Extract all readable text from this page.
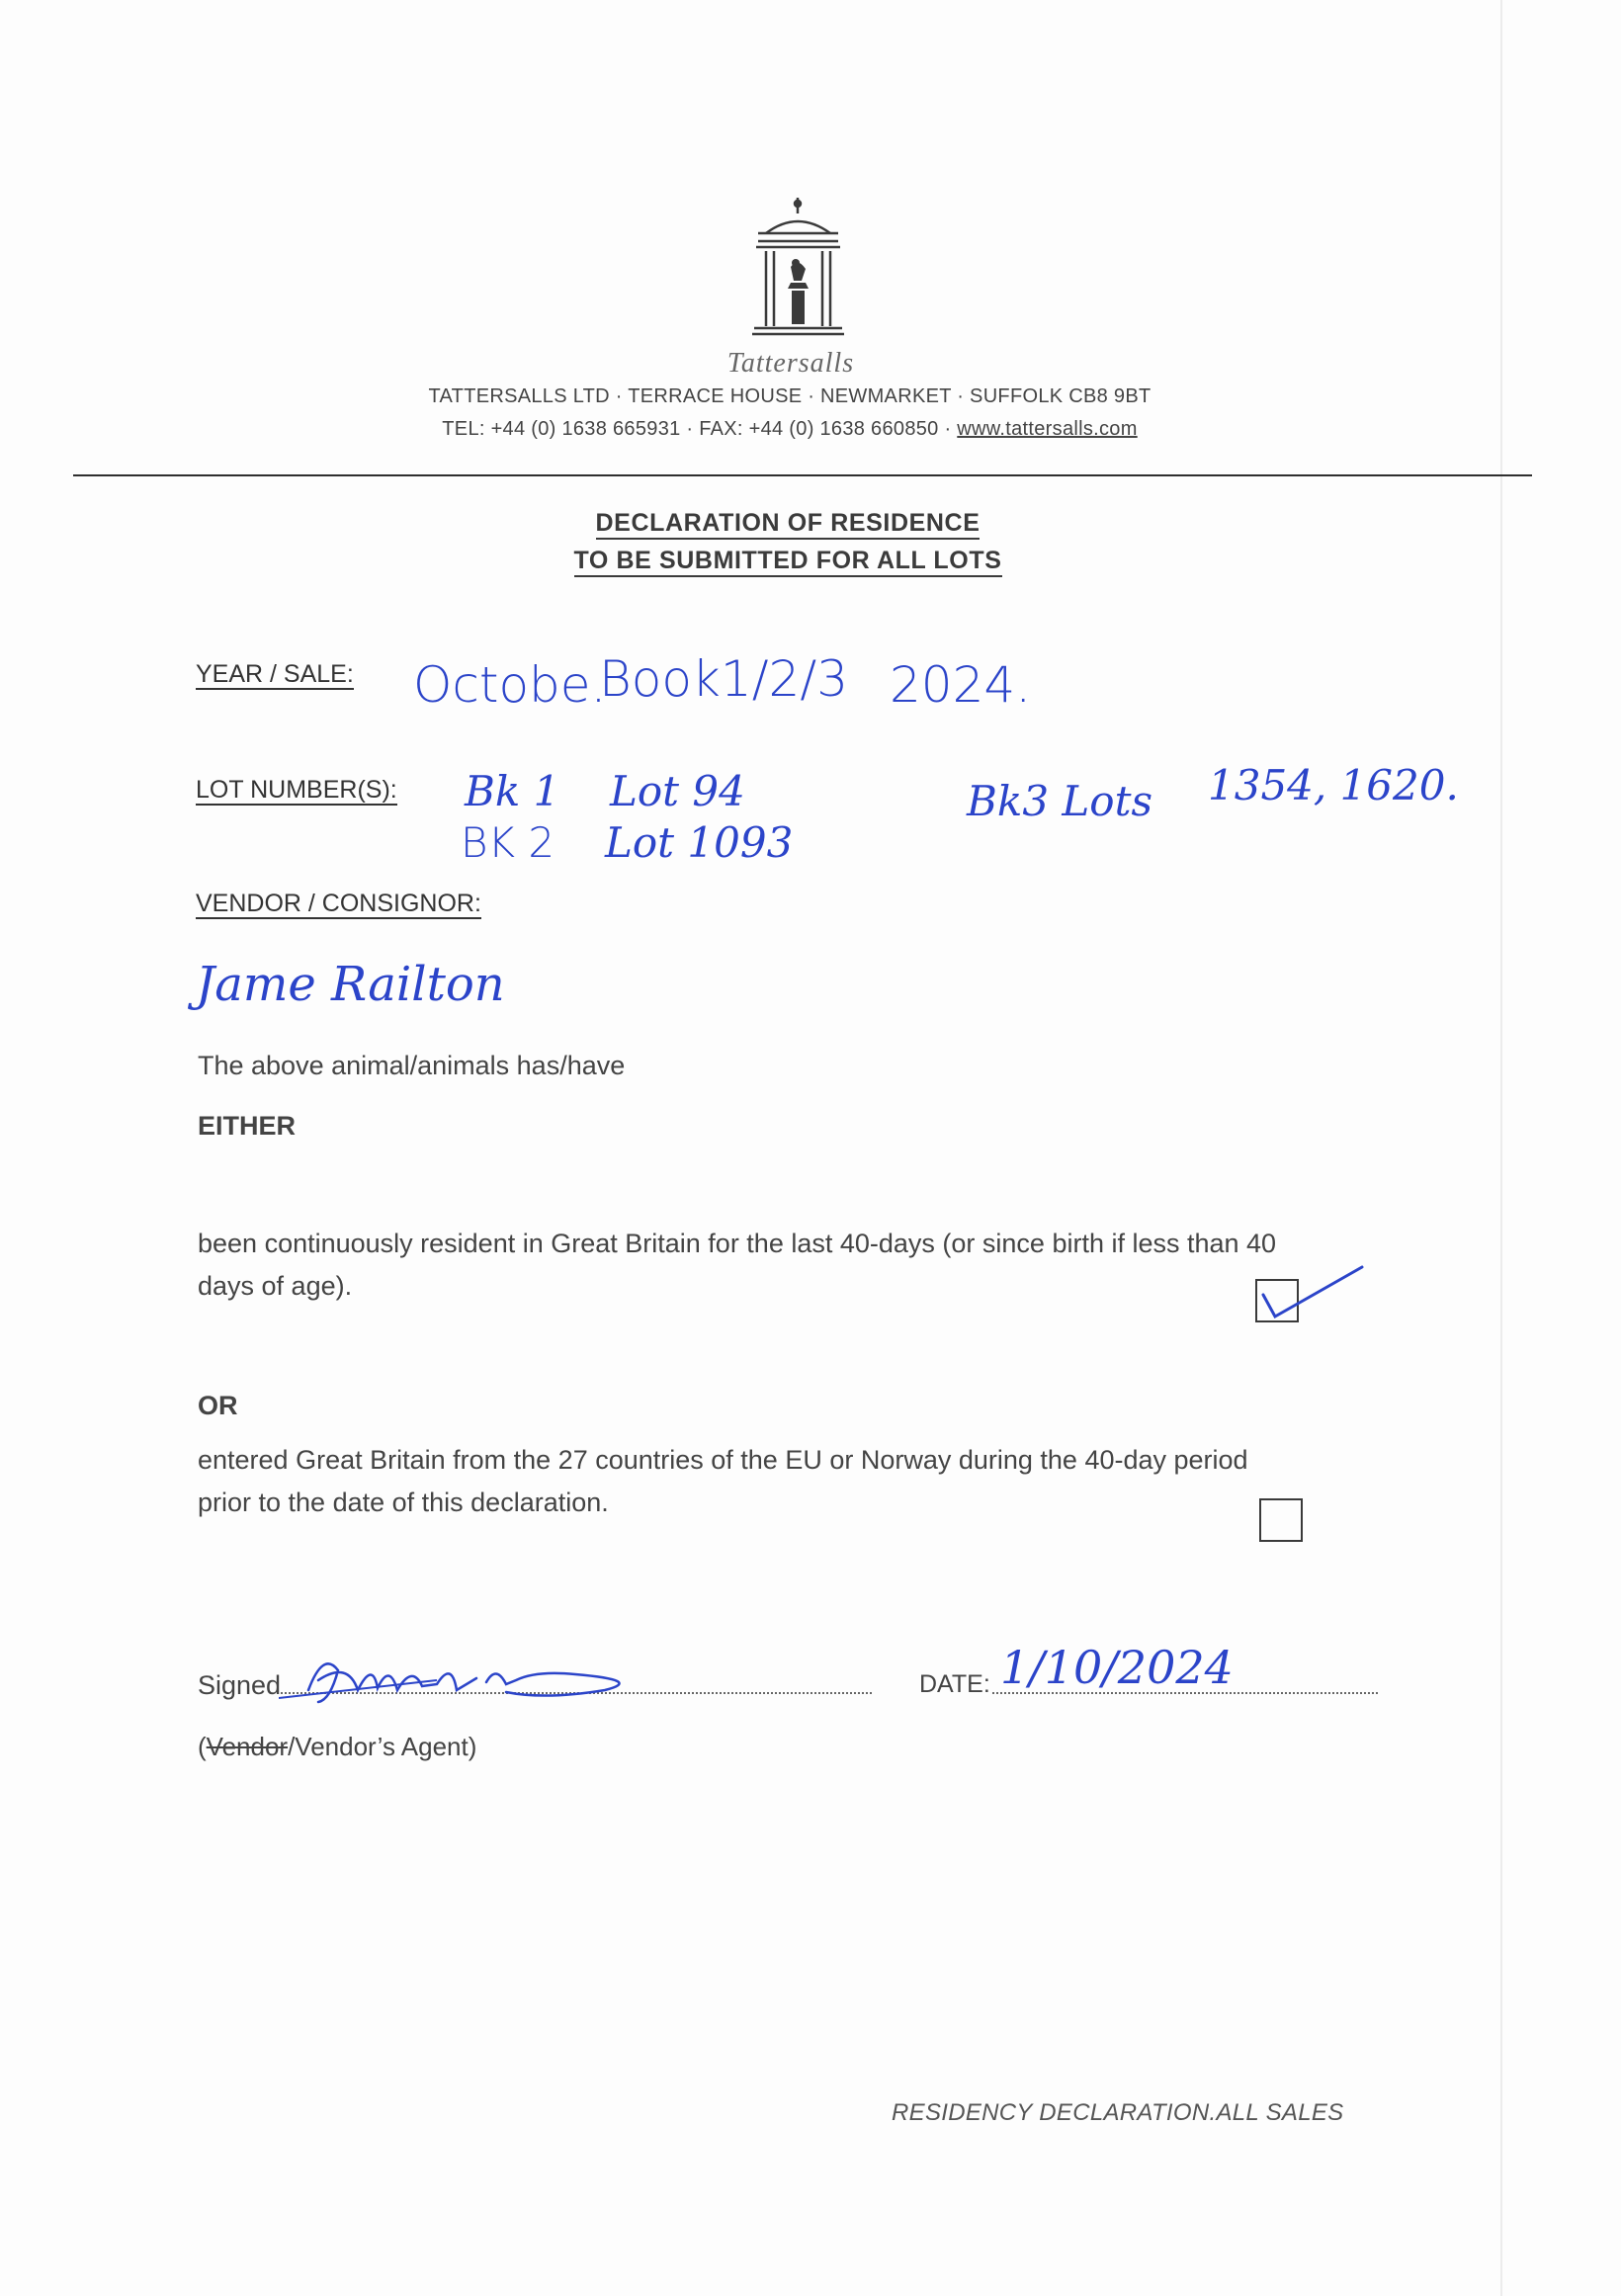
Tattersalls
TATTERSALLS LTD · TERRACE HOUSE · NEWMARKET · SUFFOLK CB8 9BT
TEL: +44 (0) 1638 665931 · FAX: +44 (0) 1638 660850 · www.tattersalls.com
DECLARATION OF RESIDENCE
TO BE SUBMITTED FOR ALL LOTS
YEAR / SALE: Octobe.
Book1/2/3 2024.
LOT NUMBER(S): Bk 1 Lot 94
BK 2 Lot 1093
Bk3 Lots 1354, 1620.
VENDOR / CONSIGNOR:
Jame Railton
The above animal/animals has/have
EITHER
been continuously resident in Great Britain for the last 40-days (or since birth if less than 40
days of age).
OR
entered Great Britain from the 27 countries of the EU or Norway during the 40-day period
prior to the date of this declaration.
Signed	DATE: 1/10/2024
(Vendor/Vendor’s Agent)
RESIDENCY DECLARATION.ALL SALES
